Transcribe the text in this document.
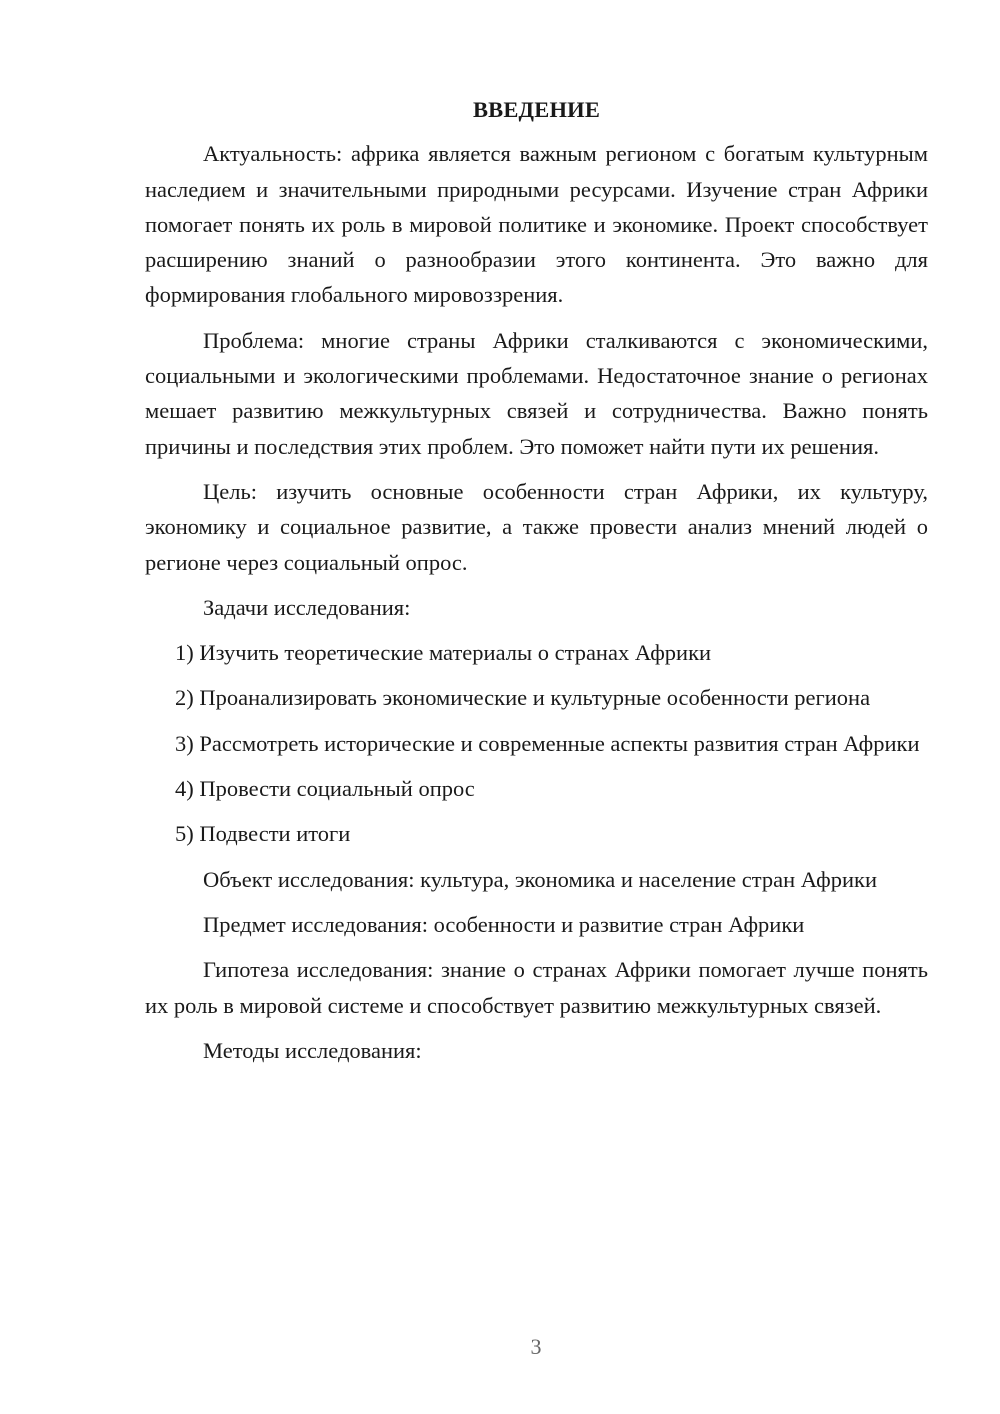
ВВЕДЕНИЕ
Актуальность: африка является важным регионом с богатым культурным наследием и значительными природными ресурсами. Изучение стран Африки помогает понять их роль в мировой политике и экономике. Проект способствует расширению знаний о разнообразии этого континента. Это важно для формирования глобального мировоззрения.
Проблема: многие страны Африки сталкиваются с экономическими, социальными и экологическими проблемами. Недостаточное знание о регионах мешает развитию межкультурных связей и сотрудничества. Важно понять причины и последствия этих проблем. Это поможет найти пути их решения.
Цель: изучить основные особенности стран Африки, их культуру, экономику и социальное развитие, а также провести анализ мнений людей о регионе через социальный опрос.
Задачи исследования:
1) Изучить теоретические материалы о странах Африки
2) Проанализировать экономические и культурные особенности региона
3) Рассмотреть исторические и современные аспекты развития стран Африки
4) Провести социальный опрос
5) Подвести итоги
Объект исследования: культура, экономика и население стран Африки
Предмет исследования: особенности и развитие стран Африки
Гипотеза исследования: знание о странах Африки помогает лучше понять их роль в мировой системе и способствует развитию межкультурных связей.
Методы исследования:
3
